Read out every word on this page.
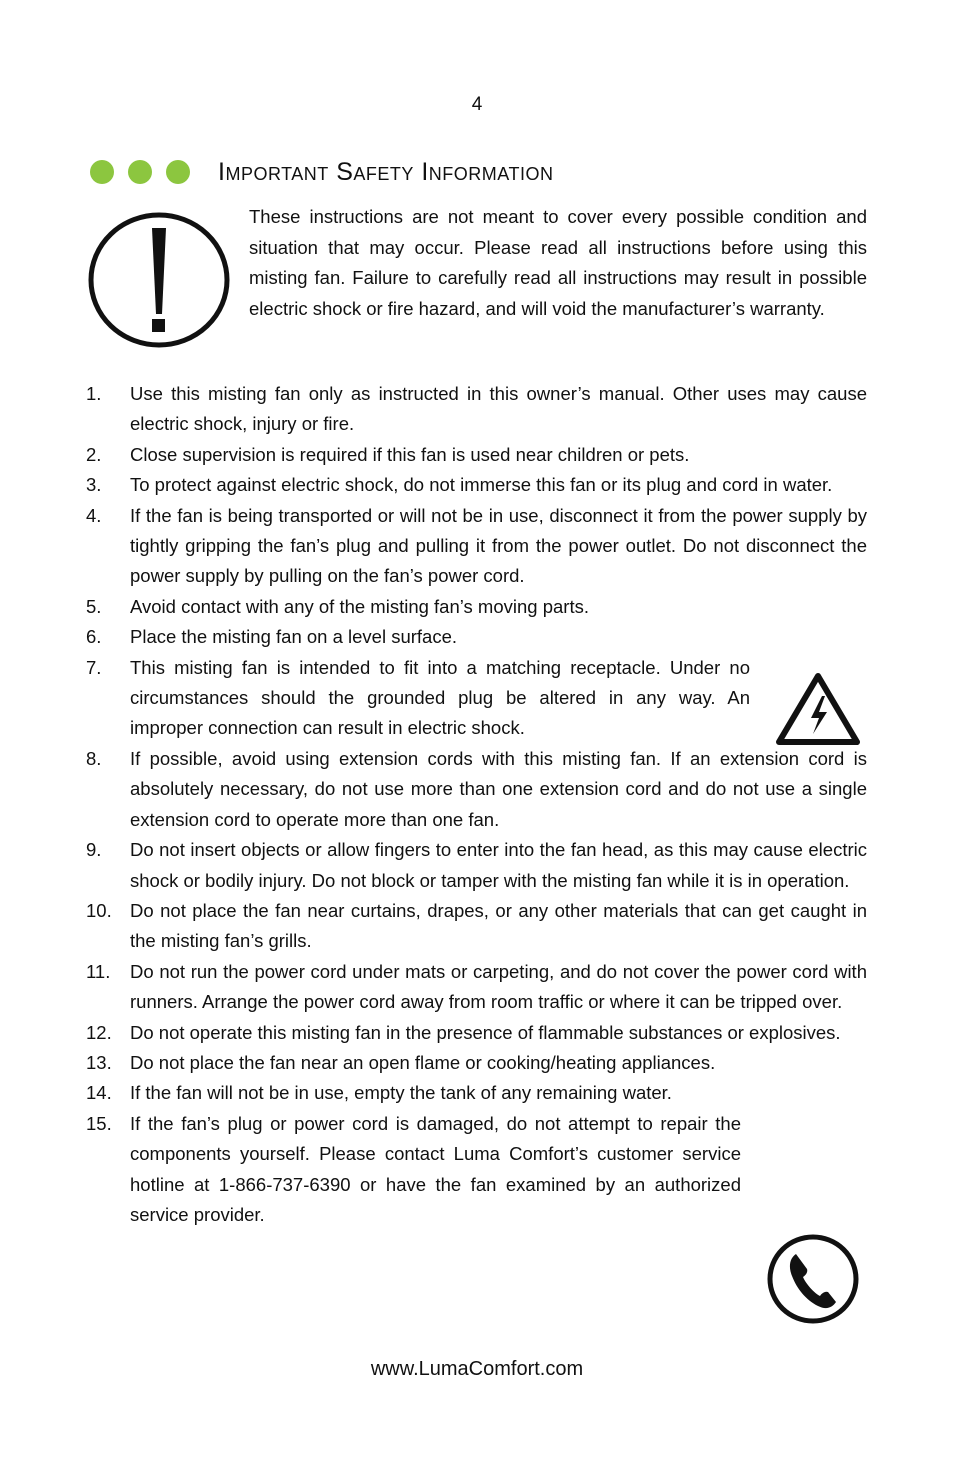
4
Important Safety Information

These instructions are not meant to cover every possible condition and situation that may occur. Please read all instructions before using this misting fan. Failure to carefully read all instructions may result in possible electric shock or fire hazard, and will void the manufacturer’s warranty.

1. Use this misting fan only as instructed in this owner’s manual. Other uses may cause electric shock, injury or fire.
2. Close supervision is required if this fan is used near children or pets.
3. To protect against electric shock, do not immerse this fan or its plug and cord in water.
4. If the fan is being transported or will not be in use, disconnect it from the power supply by tightly gripping the fan’s plug and pulling it from the power outlet. Do not disconnect the power supply by pulling on the fan’s power cord.
5. Avoid contact with any of the misting fan’s moving parts.
6. Place the misting fan on a level surface.
7. This misting fan is intended to fit into a matching receptacle. Under no circumstances should the grounded plug be altered in any way. An improper connection can result in electric shock.
8. If possible, avoid using extension cords with this misting fan. If an extension cord is absolutely necessary, do not use more than one extension cord and do not use a single extension cord to operate more than one fan.
9. Do not insert objects or allow fingers to enter into the fan head, as this may cause electric shock or bodily injury. Do not block or tamper with the misting fan while it is in operation.
10. Do not place the fan near curtains, drapes, or any other materials that can get caught in the misting fan’s grills.
11. Do not run the power cord under mats or carpeting, and do not cover the power cord with runners. Arrange the power cord away from room traffic or where it can be tripped over.
12. Do not operate this misting fan in the presence of flammable substances or explosives.
13. Do not place the fan near an open flame or cooking/heating appliances.
14. If the fan will not be in use, empty the tank of any remaining water.
15. If the fan’s plug or power cord is damaged, do not attempt to repair the components yourself. Please contact Luma Comfort’s customer service hotline at 1-866-737-6390 or have the fan examined by an authorized service provider.
www.LumaComfort.com
